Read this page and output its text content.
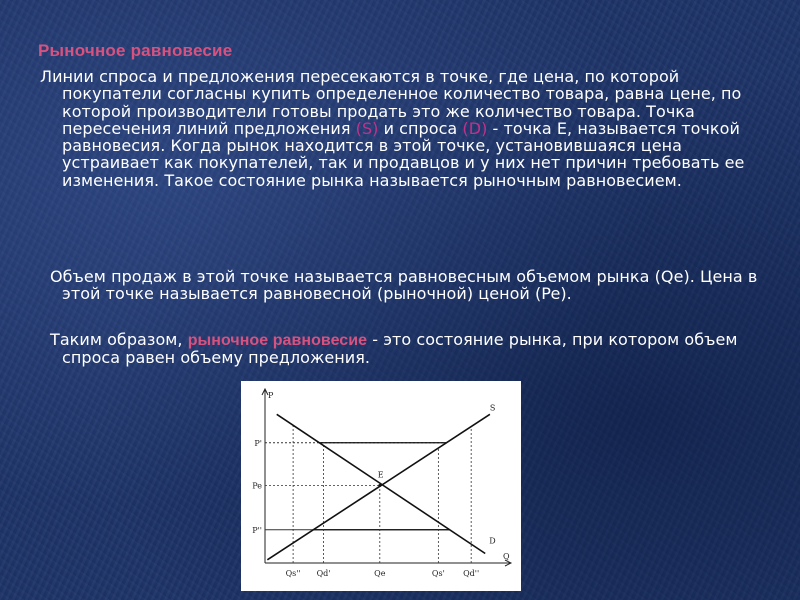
Рыночное равновесие
Линии спроса и предложения пересекаются в точке, где цена, по которой покупатели согласны купить определенное количество товара, равна цене, по которой производители готовы продать это же количество товара. Точка пересечения линий предложения (S) и спроса (D) - точка Е, называется точкой равновесия. Когда рынок находится в этой точке, установившаяся цена устраивает как покупателей, так и продавцов и у них нет причин требовать ее изменения. Такое состояние рынка называется рыночным равновесием.
Объем продаж в этой точке называется равновесным объемом рынка (Qe). Цена в этой точке называется равновесной (рыночной) ценой (Pe).
Таким образом, рыночное равновесие - это состояние рынка, при котором объем спроса равен объему предложения.
P
Q
P'
Pe
P''
Qs'' Qd'	Qe	Qs' Qd''
S
D
E
